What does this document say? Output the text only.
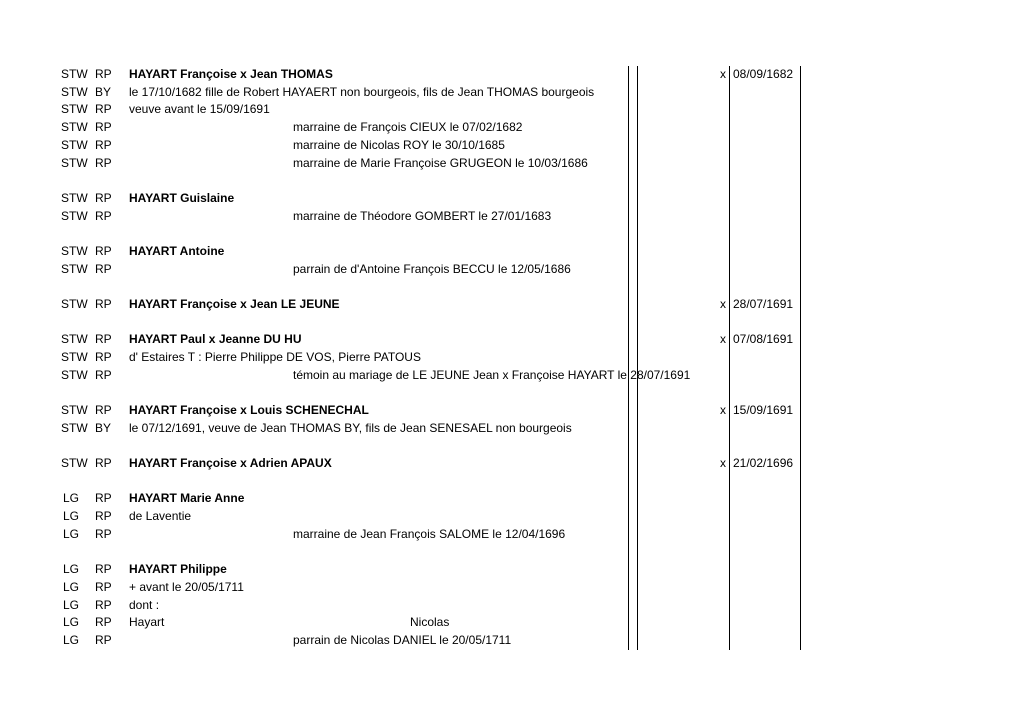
STW RP HAYART Françoise x Jean THOMAS	x 08/09/1682
STW BY le 17/10/1682 fille de Robert HAYAERT non bourgeois, fils de Jean THOMAS bourgeois
STW RP veuve avant le 15/09/1691
STW RP	marraine de François CIEUX le 07/02/1682
STW RP	marraine de Nicolas ROY le 30/10/1685
STW RP	marraine de Marie Françoise GRUGEON le 10/03/1686
STW RP HAYART Guislaine
STW RP	marraine de Théodore GOMBERT le 27/01/1683
STW RP HAYART Antoine
STW RP	parrain de d'Antoine François BECCU le 12/05/1686
STW RP HAYART Françoise x Jean LE JEUNE	x 28/07/1691
STW RP HAYART Paul x Jeanne DU HU	x 07/08/1691
STW RP d' Estaires T : Pierre Philippe DE VOS, Pierre PATOUS
STW RP	témoin au mariage de LE JEUNE Jean x Françoise HAYART le 28/07/1691
STW RP HAYART Françoise x Louis SCHENECHAL	x 15/09/1691
STW BY le 07/12/1691, veuve de Jean THOMAS BY, fils de Jean SENESAEL non bourgeois
STW RP HAYART Françoise x Adrien APAUX	x 21/02/1696
LG RP HAYART Marie Anne
LG RP de Laventie
LG RP	marraine de Jean François SALOME le 12/04/1696
LG RP HAYART Philippe
LG RP + avant le 20/05/1711
LG RP dont :
LG RP Hayart	Nicolas
LG RP	parrain de Nicolas DANIEL le 20/05/1711
